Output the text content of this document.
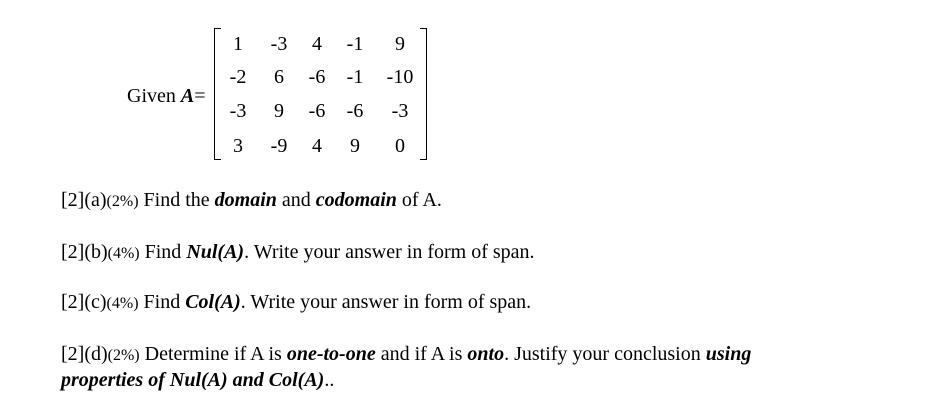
Given A=
1	-3	4	-1	9
-2	6	-6	-1	-10
-3	9	-6	-6	-3
3	-9	4	9	0
[2](a)(2%) Find the domain and codomain of A.
[2](b)(4%) Find Nul(A). Write your answer in form of span.
[2](c)(4%) Find Col(A). Write your answer in form of span.
[2](d)(2%) Determine if A is one-to-one and if A is onto. Justify your conclusion using
properties of Nul(A) and Col(A)..
